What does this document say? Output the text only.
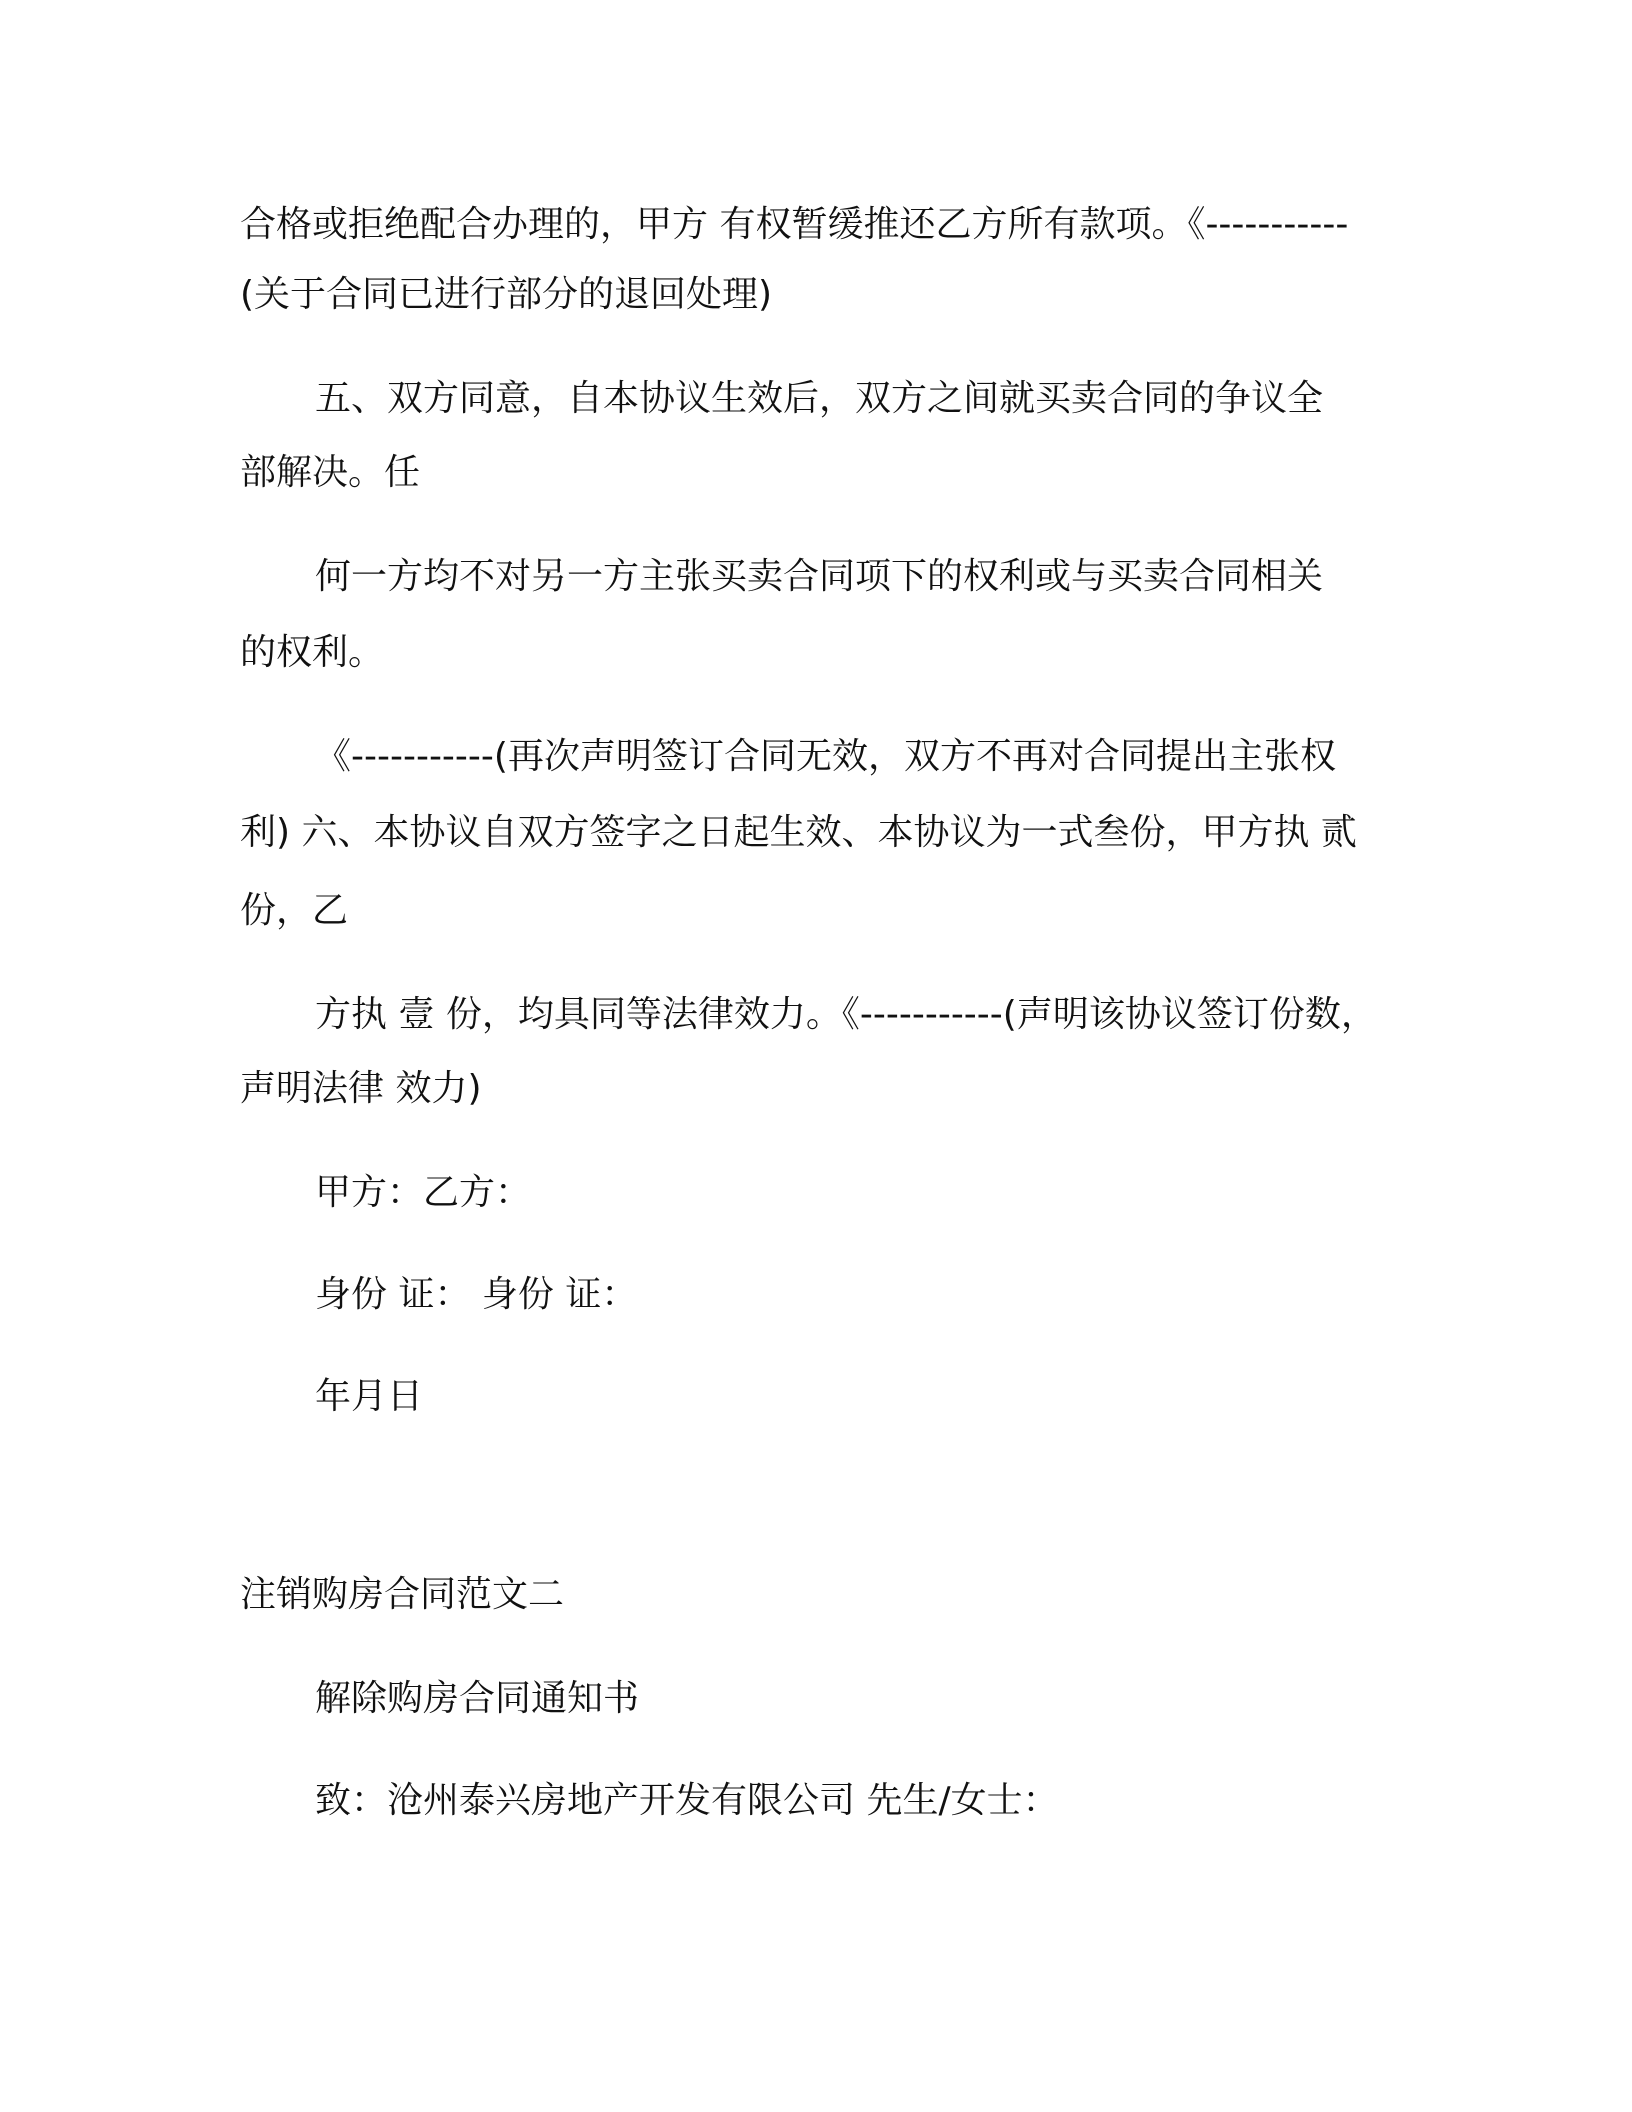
合格或拒绝配合办理的，甲方 有权暂缓推还乙方所有款项。《-----------
(关于合同已进行部分的退回处理)
五、双方同意，自本协议生效后，双方之间就买卖合同的争议全
部解决。任
何一方均不对另一方主张买卖合同项下的权利或与买卖合同相关
的权利。
《-----------(再次声明签订合同无效，双方不再对合同提出主张权
利) 六、本协议自双方签字之日起生效、本协议为一式叁份，甲方执 贰
份，乙
方执 壹 份，均具同等法律效力。《-----------(声明该协议签订份数，
声明法律 效力)
甲方：乙方：
身份 证： 身份 证：
年月日
注销购房合同范文二
解除购房合同通知书
致：沧州泰兴房地产开发有限公司 先生/女士：
